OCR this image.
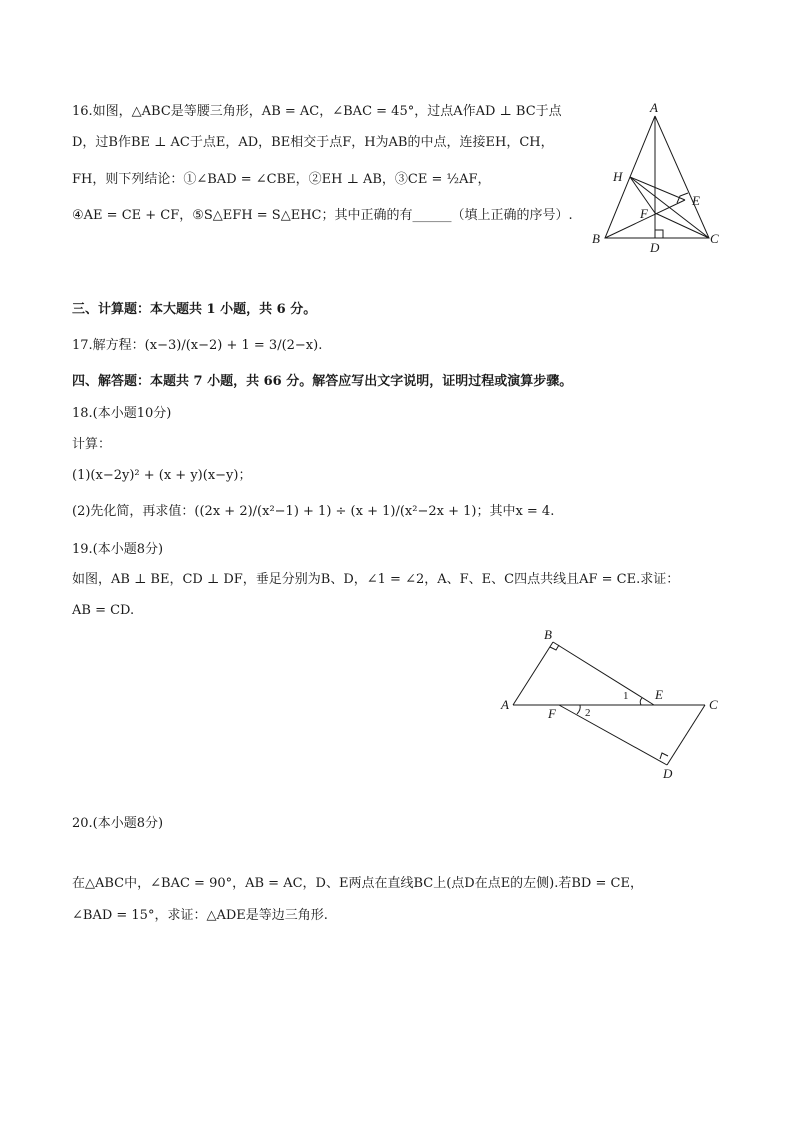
16.如图，△ABC是等腰三角形，AB = AC，∠BAC = 45°，过点A作AD ⊥ BC于点
D，过B作BE ⊥ AC于点E，AD，BE相交于点F，H为AB的中点，连接EH，CH，
FH，则下列结论：①∠BAD = ∠CBE，②EH ⊥ AB，③CE = ½AF，
④AE = CE + CF，⑤S△EFH = S△EHC；其中正确的有______（填上正确的序号）.
A
H
E
F
B	C
D
三、计算题：本大题共 1 小题，共 6 分。
17.解方程：(x−3)/(x−2) + 1 = 3/(2−x).
四、解答题：本题共 7 小题，共 66 分。解答应写出文字说明，证明过程或演算步骤。
18.(本小题10分)
计算：
(1)(x−2y)² + (x + y)(x−y)；
(2)先化简，再求值：((2x + 2)/(x²−1) + 1) ÷ (x + 1)/(x²−2x + 1)；其中x = 4.
19.(本小题8分)
如图，AB ⊥ BE，CD ⊥ DF，垂足分别为B、D，∠1 = ∠2，A、F、E、C四点共线且AF = CE.求证：
AB = CD.
B
A
1 E
C
F	2
D
20.(本小题8分)
在△ABC中，∠BAC = 90°，AB = AC，D、E两点在直线BC上(点D在点E的左侧).若BD = CE，
∠BAD = 15°，求证：△ADE是等边三角形.
